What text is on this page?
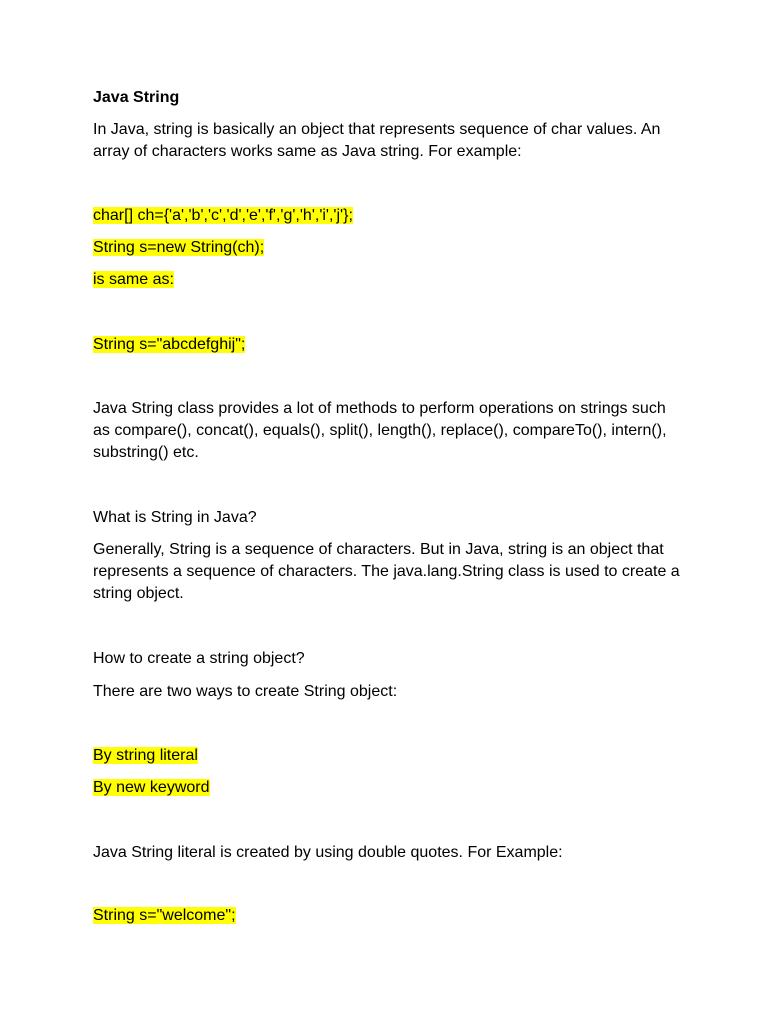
Java String

In Java, string is basically an object that represents sequence of char values. An array of characters works same as Java string. For example:

char[] ch={'a','b','c','d','e','f','g','h','i','j'};

String s=new String(ch);

is same as:

String s="abcdefghij";

Java String class provides a lot of methods to perform operations on strings such as compare(), concat(), equals(), split(), length(), replace(), compareTo(), intern(), substring() etc.

What is String in Java?

Generally, String is a sequence of characters. But in Java, string is an object that represents a sequence of characters. The java.lang.String class is used to create a string object.

How to create a string object?

There are two ways to create String object:

By string literal

By new keyword

Java String literal is created by using double quotes. For Example:

String s="welcome";
